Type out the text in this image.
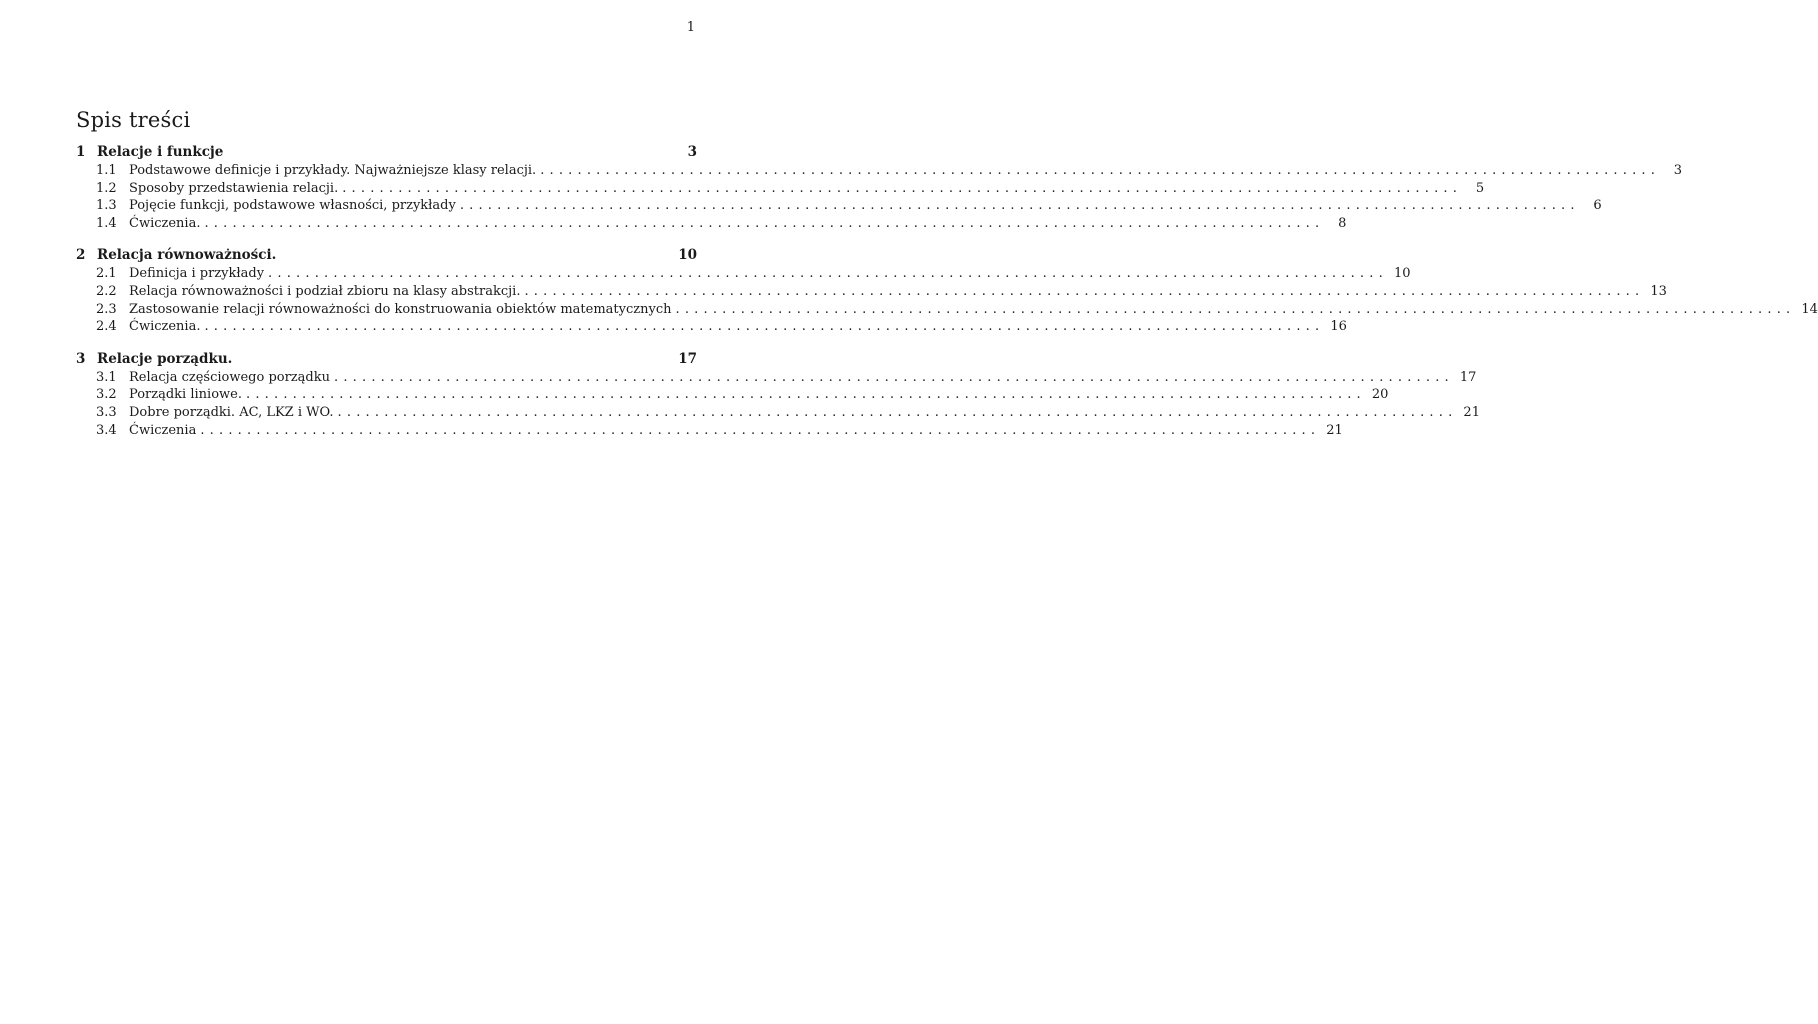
1
Spis treści
1 Relacje i funkcje	3
1.1 Podstawowe definicje i przykłady. Najważniejsze klasy relacji. ........................................................................................................................	3
1.2 Sposoby przedstawienia relacji. ........................................................................................................................	5
1.3 Pojęcie funkcji, podstawowe własności, przykłady ........................................................................................................................	6
1.4 Ćwiczenia. ........................................................................................................................	8
2 Relacja równoważności.	10
2.1 Definicja i przykłady ........................................................................................................................ 10
2.2 Relacja równoważności i podział zbioru na klasy abstrakcji. ........................................................................................................................ 13
2.3 Zastosowanie relacji równoważności do konstruowania obiektów matematycznych ........................................................................................................................ 14
2.4 Ćwiczenia. ........................................................................................................................ 16
3 Relacje porządku.	17
3.1 Relacja częściowego porządku ........................................................................................................................ 17
3.2 Porządki liniowe. ........................................................................................................................ 20
3.3 Dobre porządki. AC, LKZ i WO. ........................................................................................................................ 21
3.4 Ćwiczenia ........................................................................................................................ 21
